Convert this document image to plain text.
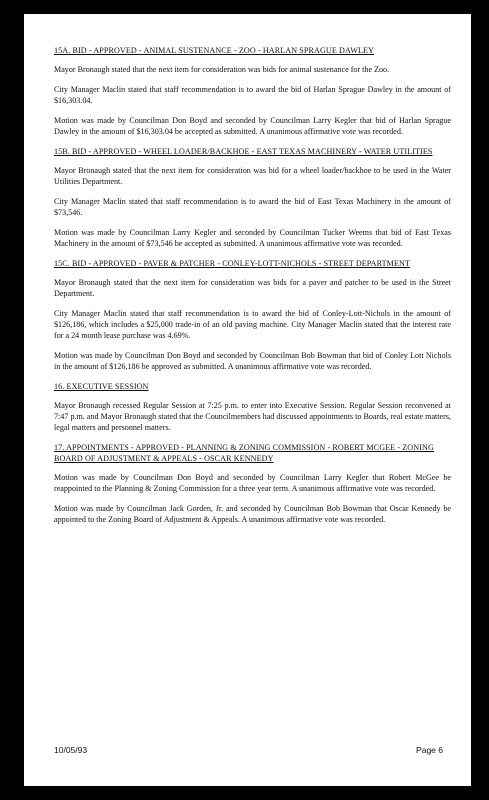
15A. BID - APPROVED - ANIMAL SUSTENANCE - ZOO - HARLAN SPRAGUE DAWLEY

Mayor Bronaugh stated that the next item for consideration was bids for animal sustenance for the Zoo.

City Manager Maclin stated that staff recommendation is to award the bid of Harlan Sprague Dawley in the amount of $16,303.04.

Motion was made by Councilman Don Boyd and seconded by Councilman Larry Kegler that bid of Harlan Sprague Dawley in the amount of $16,303.04 be accepted as submitted. A unanimous affirmative vote was recorded.

15B. BID - APPROVED - WHEEL LOADER/BACKHOE - EAST TEXAS MACHINERY - WATER UTILITIES

Mayor Bronaugh stated that the next item for consideration was bid for a wheel loader/backhoe to be used in the Water Utilities Department.

City Manager Maclin stated that staff recommendation is to award the bid of East Texas Machinery in the amount of $73,546.

Motion was made by Councilman Larry Kegler and seconded by Councilman Tucker Weems that bid of East Texas Machinery in the amount of $73,546 be accepted as submitted. A unanimous affirmative vote was recorded.

15C. BID - APPROVED - PAVER & PATCHER - CONLEY-LOTT-NICHOLS - STREET DEPARTMENT

Mayor Bronaugh stated that the next item for consideration was bids for a paver and patcher to be used in the Street Department.

City Manager Maclin stated that staff recommendation is to award the bid of Conley-Lott-Nichols in the amount of $126,186, which includes a $25,000 trade-in of an old paving machine. City Manager Maclin stated that the interest rate for a 24 month lease purchase was 4.69%.

Motion was made by Councilman Don Boyd and seconded by Councilman Bob Bowman that bid of Conley Lott Nichols in the amount of $126,186 be approved as submitted. A unanimous affirmative vote was recorded.

16. EXECUTIVE SESSION

Mayor Bronaugh recessed Regular Session at 7:25 p.m. to enter into Executive Session. Regular Session reconvened at 7:47 p.m. and Mayor Bronaugh stated that the Councilmembers had discussed appointments to Boards, real estate matters, legal matters and personnel matters.

17. APPOINTMENTS - APPROVED - PLANNING & ZONING COMMISSION - ROBERT MCGEE - ZONING BOARD OF ADJUSTMENT & APPEALS - OSCAR KENNEDY

Motion was made by Councilman Don Boyd and seconded by Councilman Larry Kegler that Robert McGee be reappointed to the Planning & Zoning Commission for a three year term. A unanimous affirmative vote was recorded.

Motion was made by Councilman Jack Gorden, Jr. and seconded by Councilman Bob Bowman that Oscar Kennedy be appointed to the Zoning Board of Adjustment & Appeals. A unanimous affirmative vote was recorded.

10/05/93	Page 6
